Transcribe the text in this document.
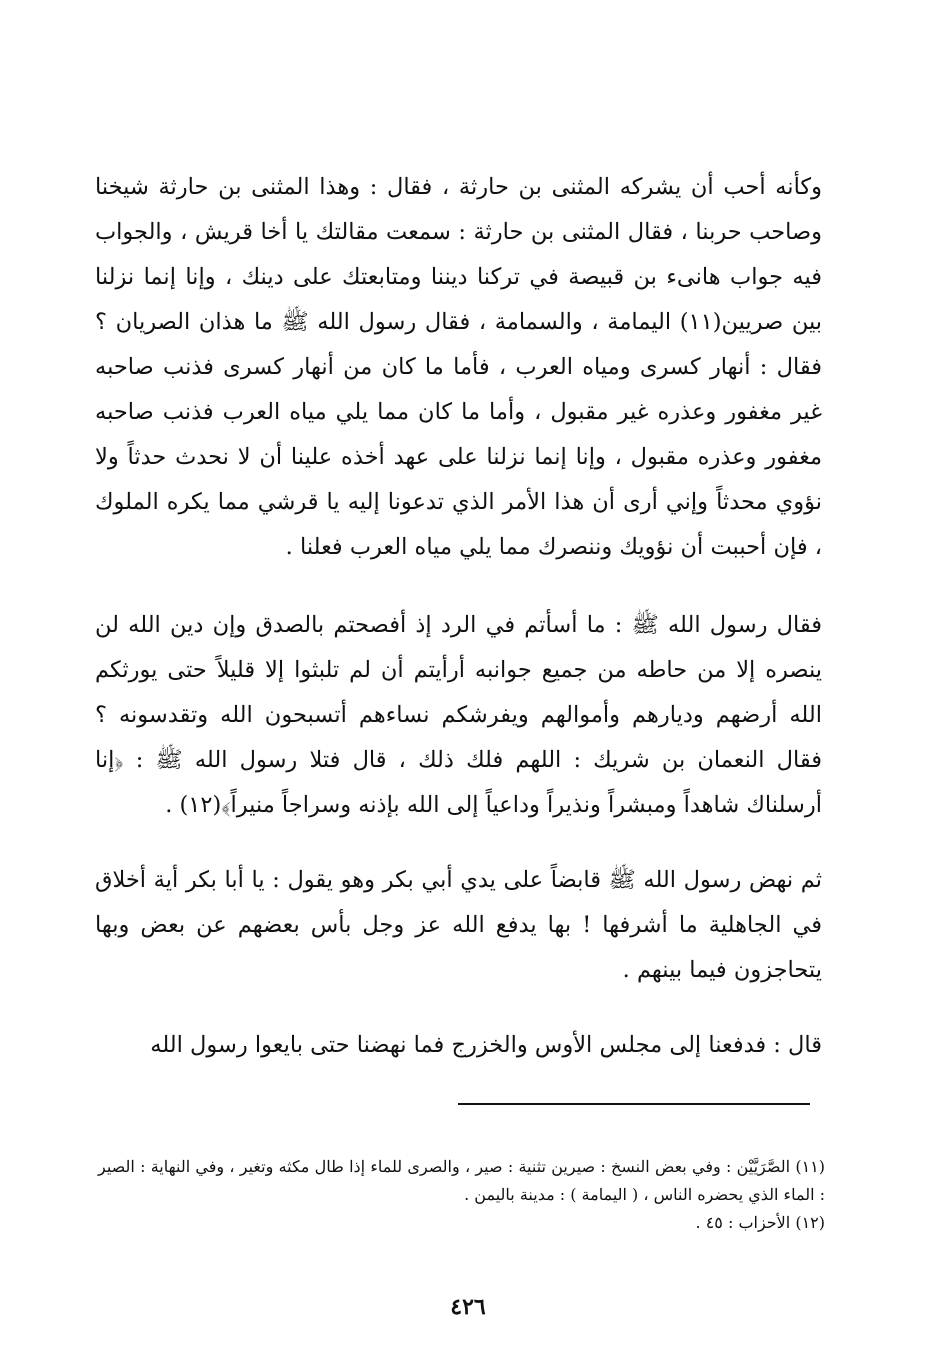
وكأنه أحب أن يشركه المثنى بن حارثة ، فقال : وهذا المثنى بن حارثة شيخنا وصاحب حربنا ، فقال المثنى بن حارثة : سمعت مقالتك يا أخا قريش ، والجواب فيه جواب هانىء بن قبيصة في تركنا ديننا ومتابعتك على دينك ، وإنا إنما نزلنا بين صريين(١١) اليمامة ، والسمامة ، فقال رسول الله ﷺ ما هذان الصريان ؟ فقال : أنهار كسرى ومياه العرب ، فأما ما كان من أنهار كسرى فذنب صاحبه غير مغفور وعذره غير مقبول ، وأما ما كان مما يلي مياه العرب فذنب صاحبه مغفور وعذره مقبول ، وإنا إنما نزلنا على عهد أخذه علينا أن لا نحدث حدثاً ولا نؤوي محدثاً وإني أرى أن هذا الأمر الذي تدعونا إليه يا قرشي مما يكره الملوك ، فإن أحببت أن نؤويك وننصرك مما يلي مياه العرب فعلنا .

فقال رسول الله ﷺ : ما أسأتم في الرد إذ أفصحتم بالصدق وإن دين الله لن ينصره إلا من حاطه من جميع جوانبه أرأيتم أن لم تلبثوا إلا قليلاً حتى يورثكم الله أرضهم وديارهم وأموالهم ويفرشكم نساءهم أتسبحون الله وتقدسونه ؟ فقال النعمان بن شريك : اللهم فلك ذلك ، قال فتلا رسول الله ﷺ : ﴿إنا أرسلناك شاهداً ومبشراً ونذيراً وداعياً إلى الله بإذنه وسراجاً منيراً﴾(١٢) .

ثم نهض رسول الله ﷺ قابضاً على يدي أبي بكر وهو يقول : يا أبا بكر أية أخلاق في الجاهلية ما أشرفها ! بها يدفع الله عز وجل بأس بعضهم عن بعض وبها يتحاجزون فيما بينهم .

قال : فدفعنا إلى مجلس الأوس والخزرج فما نهضنا حتى بايعوا رسول الله

(١١) الصَّرَيَّيْن : وفي بعض النسخ : صيرين تثنية : صير ، والصرى للماء إذا طال مكثه وتغير ، وفي النهاية : الصير : الماء الذي يحضره الناس ، ( اليمامة ) : مدينة باليمن .

(١٢) الأحزاب : ٤٥ .

٤٢٦
